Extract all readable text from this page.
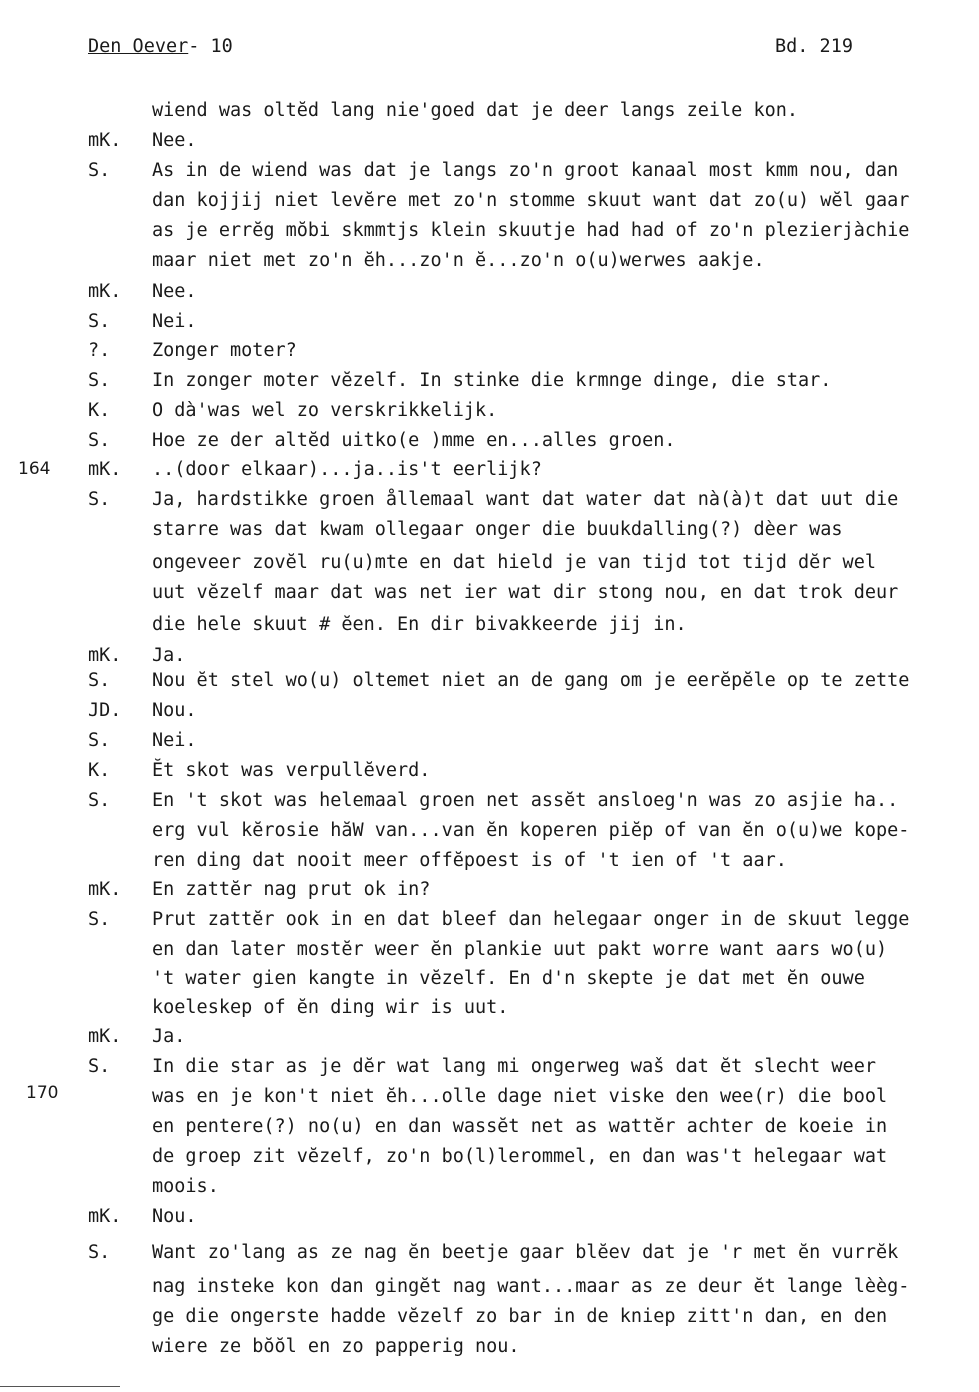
Den Oever- 10	Bd. 219
164
170
wiend was oltĕd lang nie'goed dat je deer langs zeile kon.
mK.	Nee.
S.	As in de wiend was dat je langs zo'n groot kanaal most kmm nou, dan
dan kojjij niet levĕre met zo'n stomme skuut want dat zo(u) wĕl gaar
as je errĕg mŏbi skmmtjs klein skuutje had had of zo'n plezierjàchie
maar niet met zo'n ĕh...zo'n ĕ...zo'n o(u)werwes aakje.
mK.	Nee.
S.	Nei.
?.	Zonger moter?
S.	In zonger moter vĕzelf. In stinke die krmnge dinge, die star.
K.	O dà'was wel zo verskrikkelijk.
S.	Hoe ze der altĕd uitko(e )mme en...alles groen.
mK.	..(door elkaar)...ja..is't eerlijk?
S.	Ja, hardstikke groen ållemaal want dat water dat nà(à)t dat uut die
starre was dat kwam ollegaar onger die buukdalling(?) dèer was
ongeveer zovĕl ru(u)mte en dat hield je van tijd tot tijd dĕr wel
uut vĕzelf maar dat was net ier wat dir stong nou, en dat trok deur
die hele skuut # ĕen. En dir bivakkeerde jij in.
mK.	Ja.
S.	Nou ĕt stel wo(u) oltemet niet an de gang om je eerĕpĕle op te zette
JD.	Nou.
S.	Nei.
K.	Ĕt skot was verpullĕverd.
S.	En 't skot was helemaal groen net assĕt ansloeg'n was zo asjie ha..
erg vul kĕrosie hăW van...van ĕn koperen piĕp of van ĕn o(u)we kope-
ren ding dat nooit meer offĕpoest is of 't ien of 't aar.
mK.	En zattĕr nag prut ok in?
S.	Prut zattĕr ook in en dat bleef dan helegaar onger in de skuut legge
en dan later mostĕr weer ĕn plankie uut pakt worre want aars wo(u)
't water gien kangte in vĕzelf. En d'n skepte je dat met ĕn ouwe
koeleskep of ĕn ding wir is uut.
mK.	Ja.
S.	In die star as je dĕr wat lang mi ongerweg waš dat ĕt slecht weer
was en je kon't niet ĕh...olle dage niet viske den wee(r) die bool
en pentere(?) no(u) en dan wassĕt net as wattĕr achter de koeie in
de groep zit vĕzelf, zo'n bo(l)lerommel, en dan was't helegaar wat
moois.
mK.	Nou.
S.	Want zo'lang as ze nag ĕn beetje gaar blĕev dat je 'r met ĕn vurrĕk
nag insteke kon dan gingĕt nag want...maar as ze deur ĕt lange lèèg-
ge die ongerste hadde vĕzelf zo bar in de kniep zitt'n dan, en den
wiere ze bŏŏl en zo papperig nou.
